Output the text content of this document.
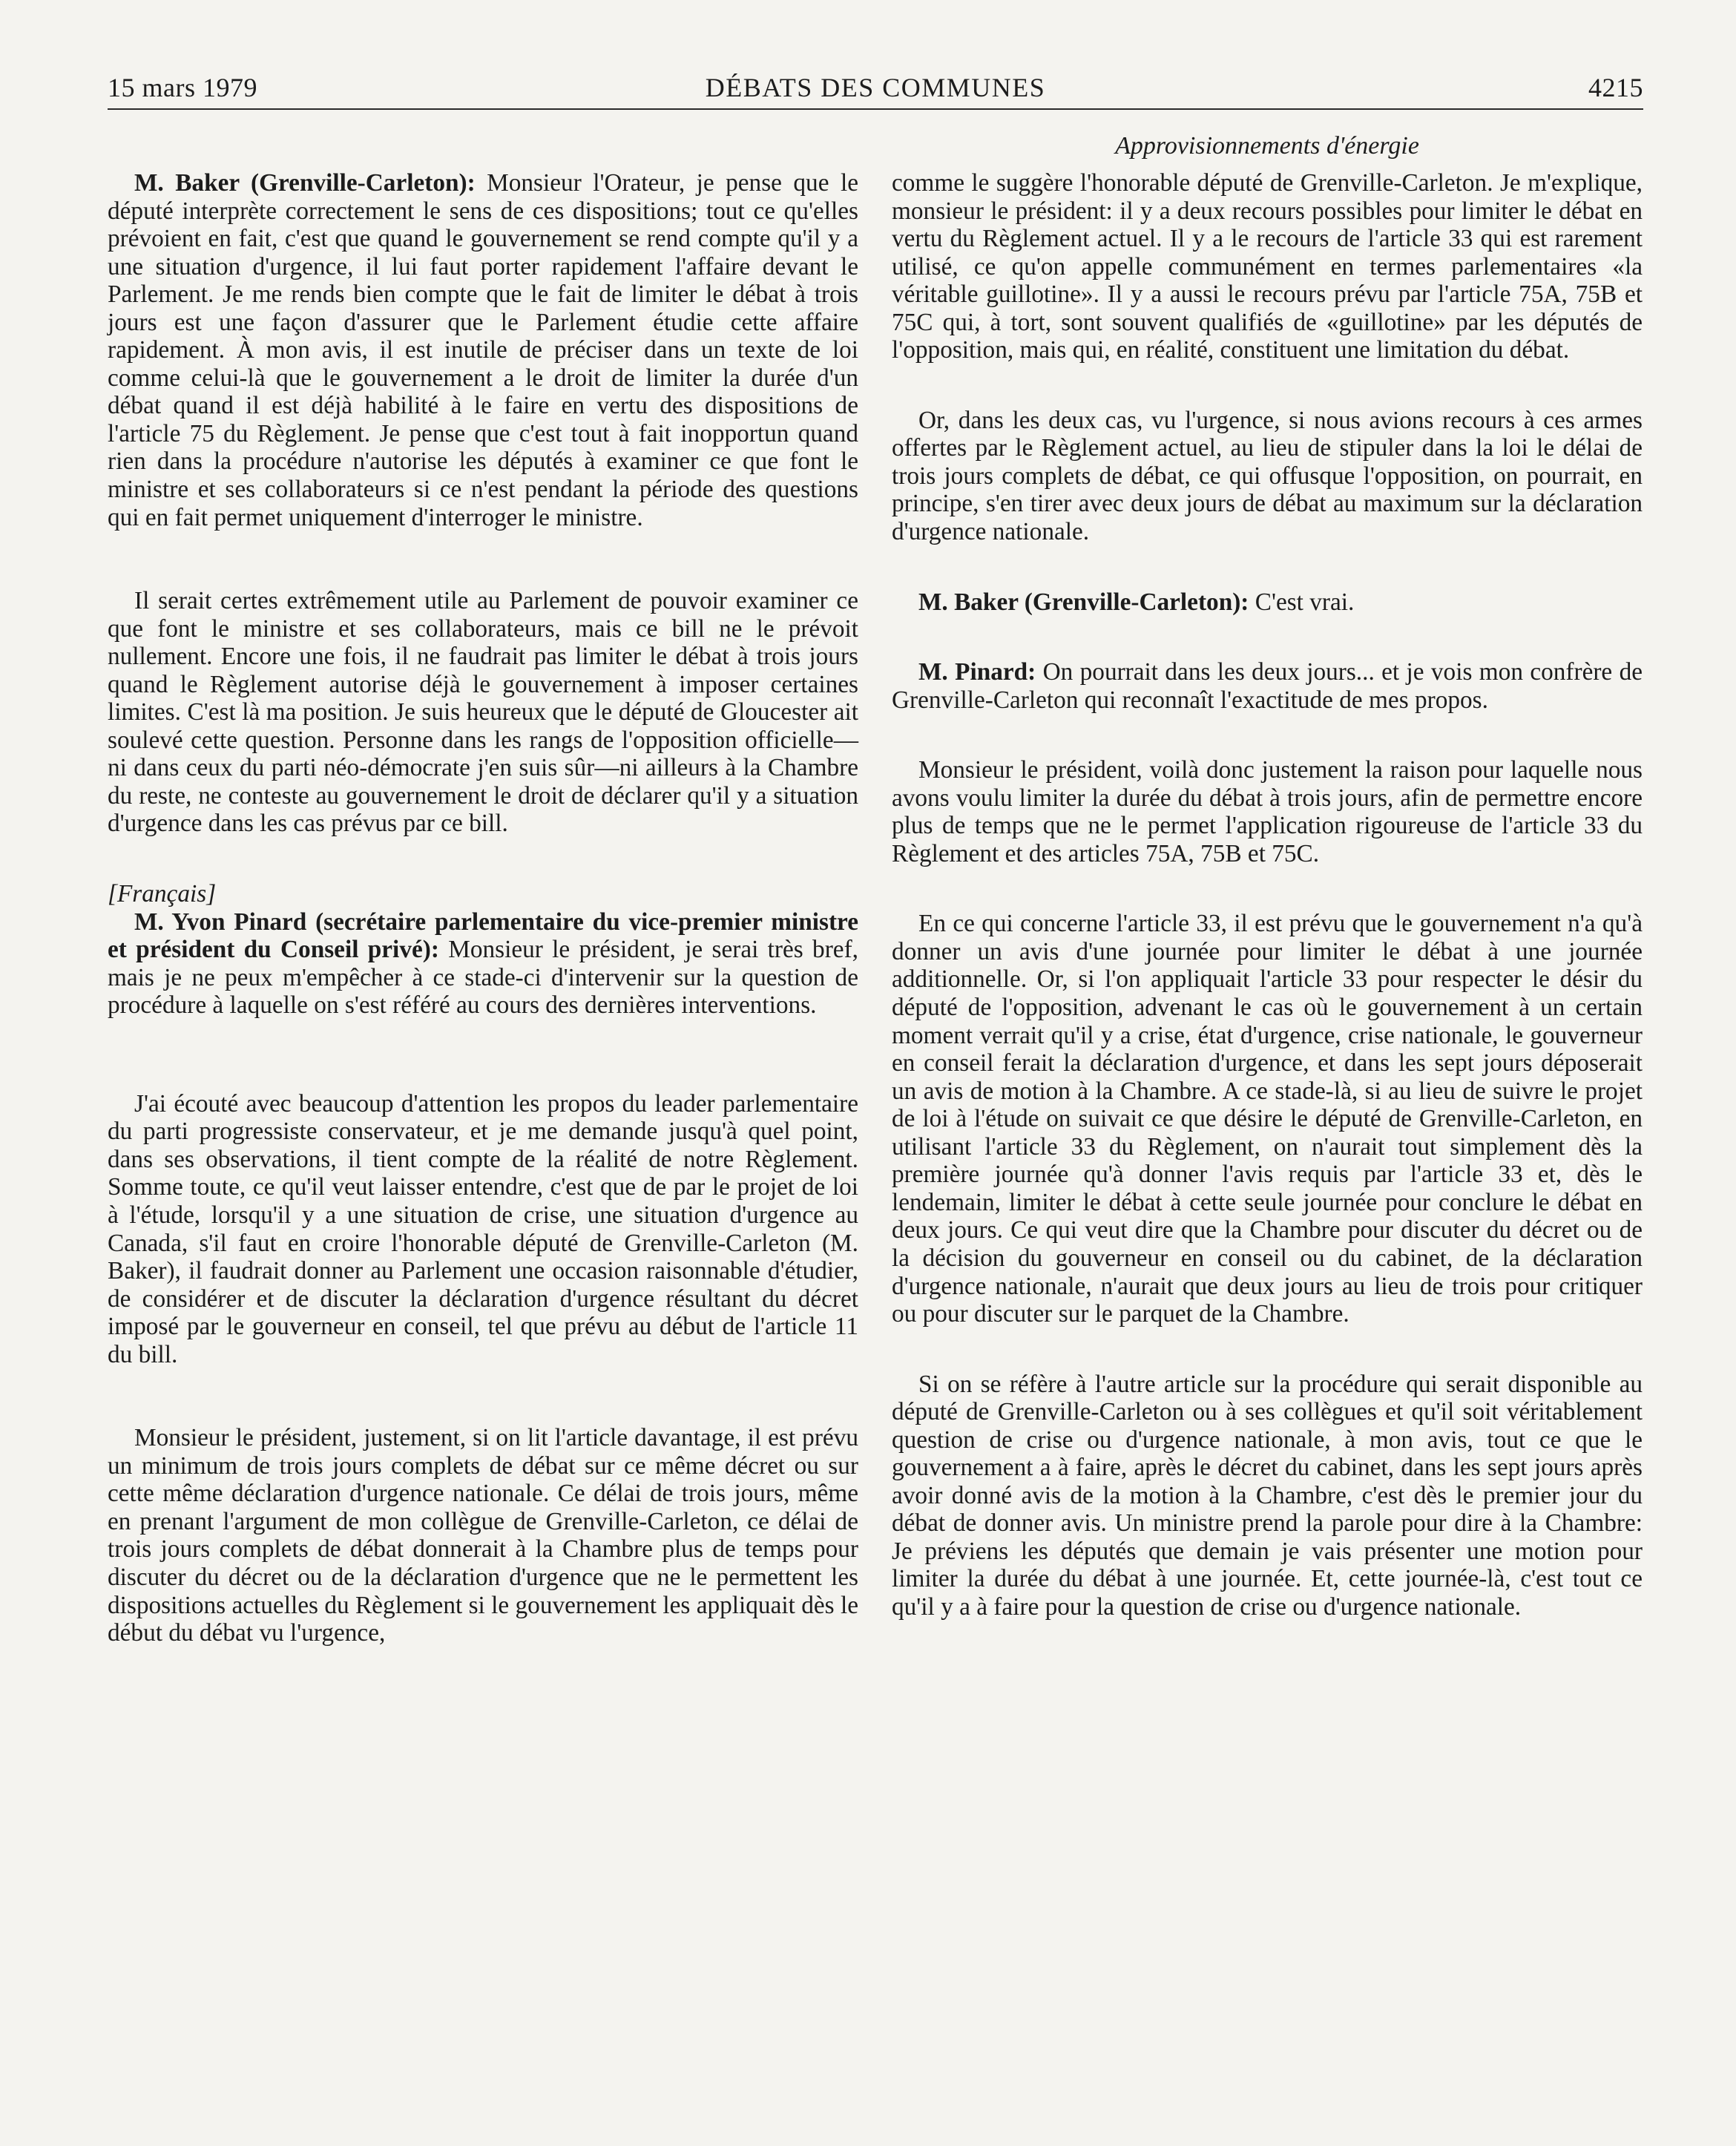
15 mars 1979	DÉBATS DES COMMUNES	4215
Approvisionnements d'énergie

M. Baker (Grenville-Carleton): Monsieur l'Orateur, je pense que le député interprète correctement le sens de ces dispositions; tout ce qu'elles prévoient en fait, c'est que quand le gouvernement se rend compte qu'il y a une situation d'urgence, il lui faut porter rapidement l'affaire devant le Parlement. Je me rends bien compte que le fait de limiter le débat à trois jours est une façon d'assurer que le Parlement étudie cette affaire rapidement. À mon avis, il est inutile de préciser dans un texte de loi comme celui-là que le gouvernement a le droit de limiter la durée d'un débat quand il est déjà habilité à le faire en vertu des dispositions de l'article 75 du Règlement. Je pense que c'est tout à fait inopportun quand rien dans la procédure n'autorise les députés à examiner ce que font le ministre et ses collaborateurs si ce n'est pendant la période des questions qui en fait permet uniquement d'interroger le ministre.

Il serait certes extrêmement utile au Parlement de pouvoir examiner ce que font le ministre et ses collaborateurs, mais ce bill ne le prévoit nullement. Encore une fois, il ne faudrait pas limiter le débat à trois jours quand le Règlement autorise déjà le gouvernement à imposer certaines limites. C'est là ma position. Je suis heureux que le député de Gloucester ait soulevé cette question. Personne dans les rangs de l'opposition officielle—ni dans ceux du parti néo-démocrate j'en suis sûr—ni ailleurs à la Chambre du reste, ne conteste au gouvernement le droit de déclarer qu'il y a situation d'urgence dans les cas prévus par ce bill.

[Français]

M. Yvon Pinard (secrétaire parlementaire du vice-premier ministre et président du Conseil privé): Monsieur le président, je serai très bref, mais je ne peux m'empêcher à ce stade-ci d'intervenir sur la question de procédure à laquelle on s'est référé au cours des dernières interventions.

J'ai écouté avec beaucoup d'attention les propos du leader parlementaire du parti progressiste conservateur, et je me demande jusqu'à quel point, dans ses observations, il tient compte de la réalité de notre Règlement. Somme toute, ce qu'il veut laisser entendre, c'est que de par le projet de loi à l'étude, lorsqu'il y a une situation de crise, une situation d'urgence au Canada, s'il faut en croire l'honorable député de Grenville-Carleton (M. Baker), il faudrait donner au Parlement une occasion raisonnable d'étudier, de considérer et de discuter la déclaration d'urgence résultant du décret imposé par le gouverneur en conseil, tel que prévu au début de l'article 11 du bill.

Monsieur le président, justement, si on lit l'article davantage, il est prévu un minimum de trois jours complets de débat sur ce même décret ou sur cette même déclaration d'urgence nationale. Ce délai de trois jours, même en prenant l'argument de mon collègue de Grenville-Carleton, ce délai de trois jours complets de débat donnerait à la Chambre plus de temps pour discuter du décret ou de la déclaration d'urgence que ne le permettent les dispositions actuelles du Règlement si le gouvernement les appliquait dès le début du débat vu l'urgence,

comme le suggère l'honorable député de Grenville-Carleton. Je m'explique, monsieur le président: il y a deux recours possibles pour limiter le débat en vertu du Règlement actuel. Il y a le recours de l'article 33 qui est rarement utilisé, ce qu'on appelle communément en termes parlementaires «la véritable guillotine». Il y a aussi le recours prévu par l'article 75A, 75B et 75C qui, à tort, sont souvent qualifiés de «guillotine» par les députés de l'opposition, mais qui, en réalité, constituent une limitation du débat.

Or, dans les deux cas, vu l'urgence, si nous avions recours à ces armes offertes par le Règlement actuel, au lieu de stipuler dans la loi le délai de trois jours complets de débat, ce qui offusque l'opposition, on pourrait, en principe, s'en tirer avec deux jours de débat au maximum sur la déclaration d'urgence nationale.

M. Baker (Grenville-Carleton): C'est vrai.

M. Pinard: On pourrait dans les deux jours... et je vois mon confrère de Grenville-Carleton qui reconnaît l'exactitude de mes propos.

Monsieur le président, voilà donc justement la raison pour laquelle nous avons voulu limiter la durée du débat à trois jours, afin de permettre encore plus de temps que ne le permet l'application rigoureuse de l'article 33 du Règlement et des articles 75A, 75B et 75C.

En ce qui concerne l'article 33, il est prévu que le gouvernement n'a qu'à donner un avis d'une journée pour limiter le débat à une journée additionnelle. Or, si l'on appliquait l'article 33 pour respecter le désir du député de l'opposition, advenant le cas où le gouvernement à un certain moment verrait qu'il y a crise, état d'urgence, crise nationale, le gouverneur en conseil ferait la déclaration d'urgence, et dans les sept jours déposerait un avis de motion à la Chambre. A ce stade-là, si au lieu de suivre le projet de loi à l'étude on suivait ce que désire le député de Grenville-Carleton, en utilisant l'article 33 du Règlement, on n'aurait tout simplement dès la première journée qu'à donner l'avis requis par l'article 33 et, dès le lendemain, limiter le débat à cette seule journée pour conclure le débat en deux jours. Ce qui veut dire que la Chambre pour discuter du décret ou de la décision du gouverneur en conseil ou du cabinet, de la déclaration d'urgence nationale, n'aurait que deux jours au lieu de trois pour critiquer ou pour discuter sur le parquet de la Chambre.

Si on se réfère à l'autre article sur la procédure qui serait disponible au député de Grenville-Carleton ou à ses collègues et qu'il soit véritablement question de crise ou d'urgence nationale, à mon avis, tout ce que le gouvernement a à faire, après le décret du cabinet, dans les sept jours après avoir donné avis de la motion à la Chambre, c'est dès le premier jour du débat de donner avis. Un ministre prend la parole pour dire à la Chambre: Je préviens les députés que demain je vais présenter une motion pour limiter la durée du débat à une journée. Et, cette journée-là, c'est tout ce qu'il y a à faire pour la question de crise ou d'urgence nationale.
